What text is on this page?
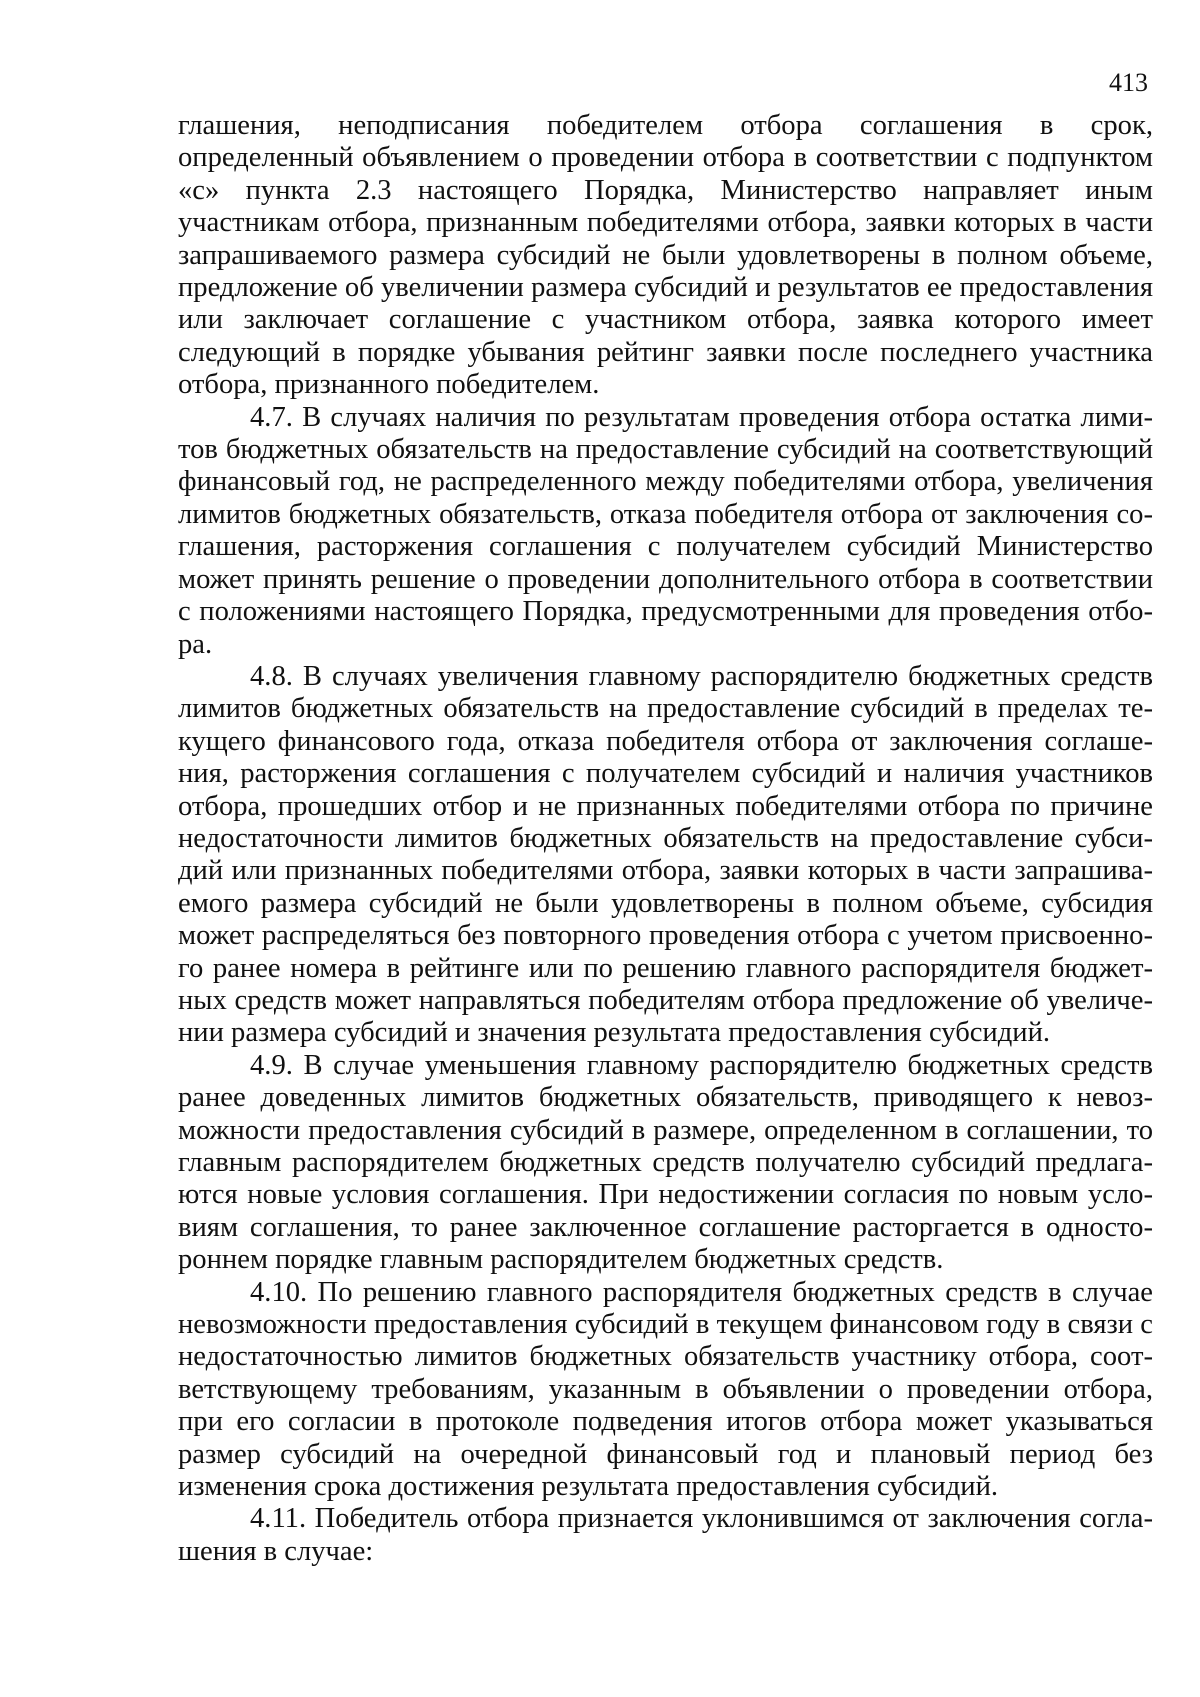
413

глашения, неподписания победителем отбора соглашения в срок, определенный объявлением о проведении отбора в соответствии с подпунктом «с» пункта 2.3 настоящего Порядка, Министерство направляет иным участникам отбора, признанным победителями отбора, заявки которых в части запрашиваемого размера субсидий не были удовлетворены в полном объеме, предложение об увеличении размера субсидий и результатов ее предоставления или заключает соглашение с участником отбора, заявка которого имеет следующий в порядке убывания рейтинг заявки после последнего участника отбора, признанного победителем.

4.7. В случаях наличия по результатам проведения отбора остатка лимитов бюджетных обязательств на предоставление субсидий на соответствующий финансовый год, не распределенного между победителями отбора, увеличения лимитов бюджетных обязательств, отказа победителя отбора от заключения соглашения, расторжения соглашения с получателем субсидий Министерство может принять решение о проведении дополнительного отбора в соответствии с положениями настоящего Порядка, предусмотренными для проведения отбора.

4.8. В случаях увеличения главному распорядителю бюджетных средств лимитов бюджетных обязательств на предоставление субсидий в пределах текущего финансового года, отказа победителя отбора от заключения соглашения, расторжения соглашения с получателем субсидий и наличия участников отбора, прошедших отбор и не признанных победителями отбора по причине недостаточности лимитов бюджетных обязательств на предоставление субсидий или признанных победителями отбора, заявки которых в части запрашиваемого размера субсидий не были удовлетворены в полном объеме, субсидия может распределяться без повторного проведения отбора с учетом присвоенного ранее номера в рейтинге или по решению главного распорядителя бюджетных средств может направляться победителям отбора предложение об увеличении размера субсидий и значения результата предоставления субсидий.

4.9. В случае уменьшения главному распорядителю бюджетных средств ранее доведенных лимитов бюджетных обязательств, приводящего к невозможности предоставления субсидий в размере, определенном в соглашении, то главным распорядителем бюджетных средств получателю субсидий предлагаются новые условия соглашения. При недостижении согласия по новым условиям соглашения, то ранее заключенное соглашение расторгается в одностороннем порядке главным распорядителем бюджетных средств.

4.10. По решению главного распорядителя бюджетных средств в случае невозможности предоставления субсидий в текущем финансовом году в связи с недостаточностью лимитов бюджетных обязательств участнику отбора, соответствующему требованиям, указанным в объявлении о проведении отбора, при его согласии в протоколе подведения итогов отбора может указываться размер субсидий на очередной финансовый год и плановый период без изменения срока достижения результата предоставления субсидий.

4.11. Победитель отбора признается уклонившимся от заключения соглашения в случае:
